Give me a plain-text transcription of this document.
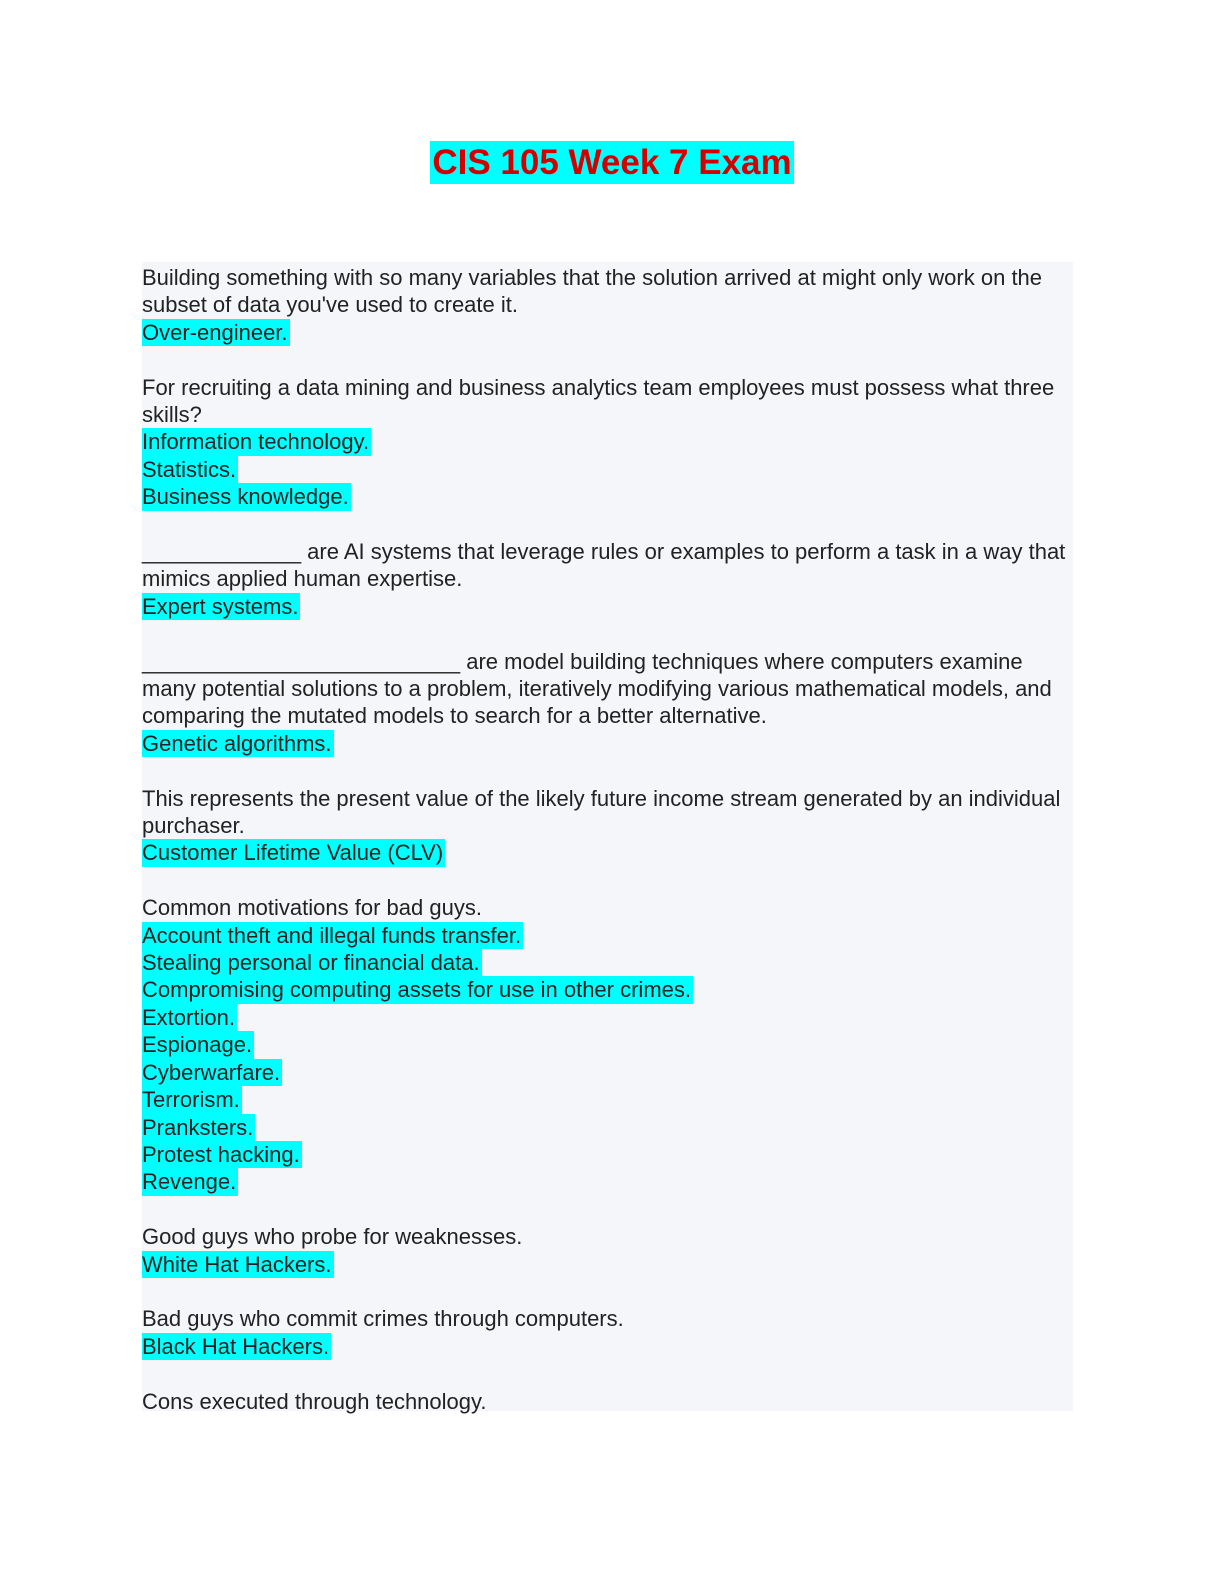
CIS 105 Week 7 Exam
Building something with so many variables that the solution arrived at might only work on the subset of data you've used to create it.
Over-engineer.
For recruiting a data mining and business analytics team employees must possess what three skills?
Information technology.
Statistics.
Business knowledge.
_____________ are AI systems that leverage rules or examples to perform a task in a way that mimics applied human expertise.
Expert systems.
__________________________ are model building techniques where computers examine many potential solutions to a problem, iteratively modifying various mathematical models, and comparing the mutated models to search for a better alternative.
Genetic algorithms.
This represents the present value of the likely future income stream generated by an individual purchaser.
Customer Lifetime Value (CLV)
Common motivations for bad guys.
Account theft and illegal funds transfer.
Stealing personal or financial data.
Compromising computing assets for use in other crimes.
Extortion.
Espionage.
Cyberwarfare.
Terrorism.
Pranksters.
Protest hacking.
Revenge.
Good guys who probe for weaknesses.
White Hat Hackers.
Bad guys who commit crimes through computers.
Black Hat Hackers.
Cons executed through technology.
